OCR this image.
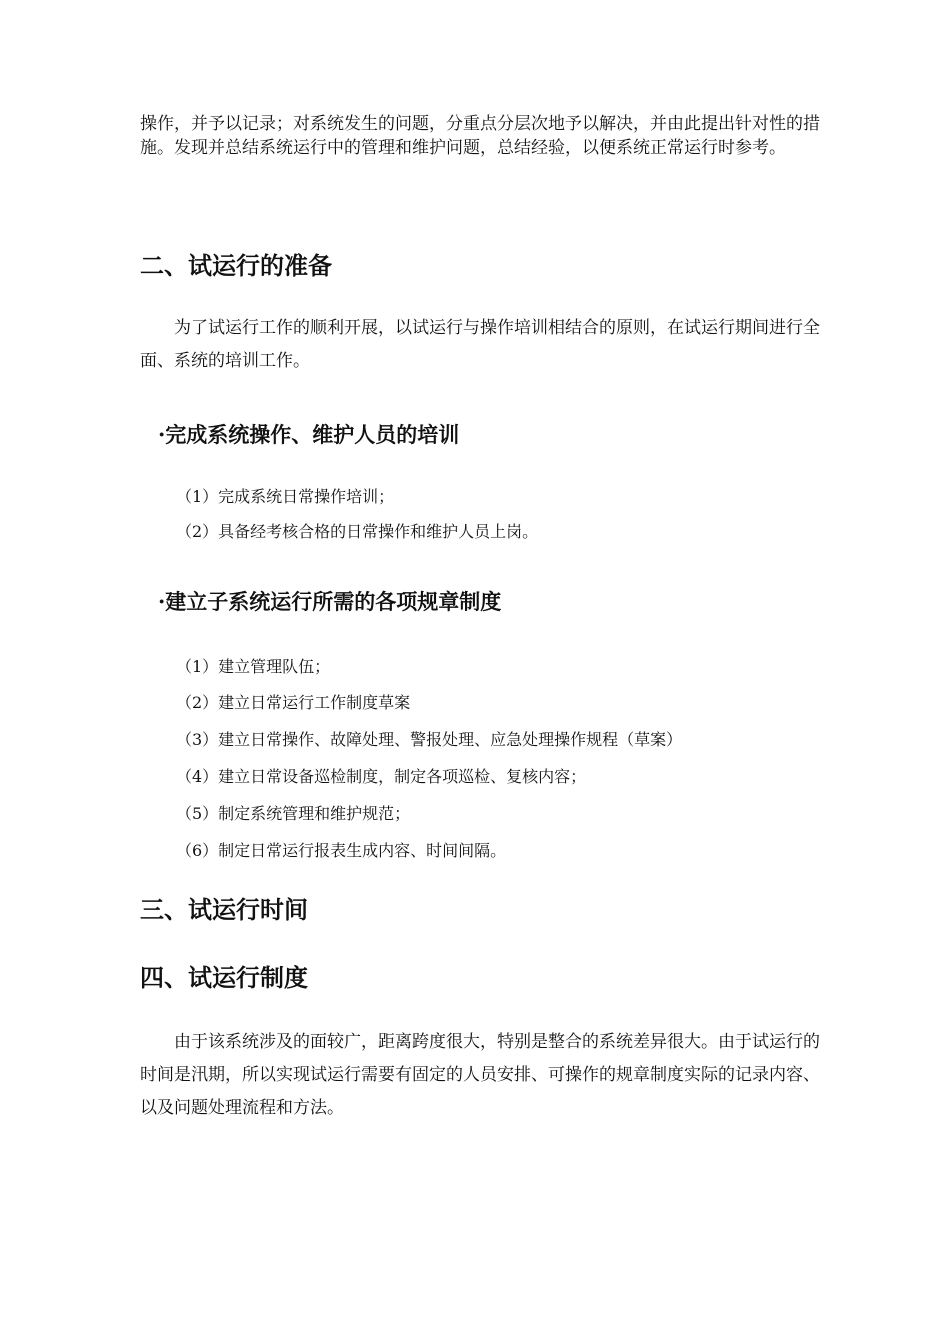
操作，并予以记录；对系统发生的问题，分重点分层次地予以解决，并由此提出针对性的措施。发现并总结系统运行中的管理和维护问题，总结经验，以便系统正常运行时参考。

二、试运行的准备

为了试运行工作的顺利开展，以试运行与操作培训相结合的原则，在试运行期间进行全面、系统的培训工作。

·完成系统操作、维护人员的培训

（1）完成系统日常操作培训；

（2）具备经考核合格的日常操作和维护人员上岗。

·建立子系统运行所需的各项规章制度

（1）建立管理队伍；

（2）建立日常运行工作制度草案

（3）建立日常操作、故障处理、警报处理、应急处理操作规程（草案）

（4）建立日常设备巡检制度，制定各项巡检、复核内容；

（5）制定系统管理和维护规范；

（6）制定日常运行报表生成内容、时间间隔。

三、试运行时间
四、试运行制度

由于该系统涉及的面较广，距离跨度很大，特别是整合的系统差异很大。由于试运行的时间是汛期，所以实现试运行需要有固定的人员安排、可操作的规章制度实际的记录内容、以及问题处理流程和方法。
